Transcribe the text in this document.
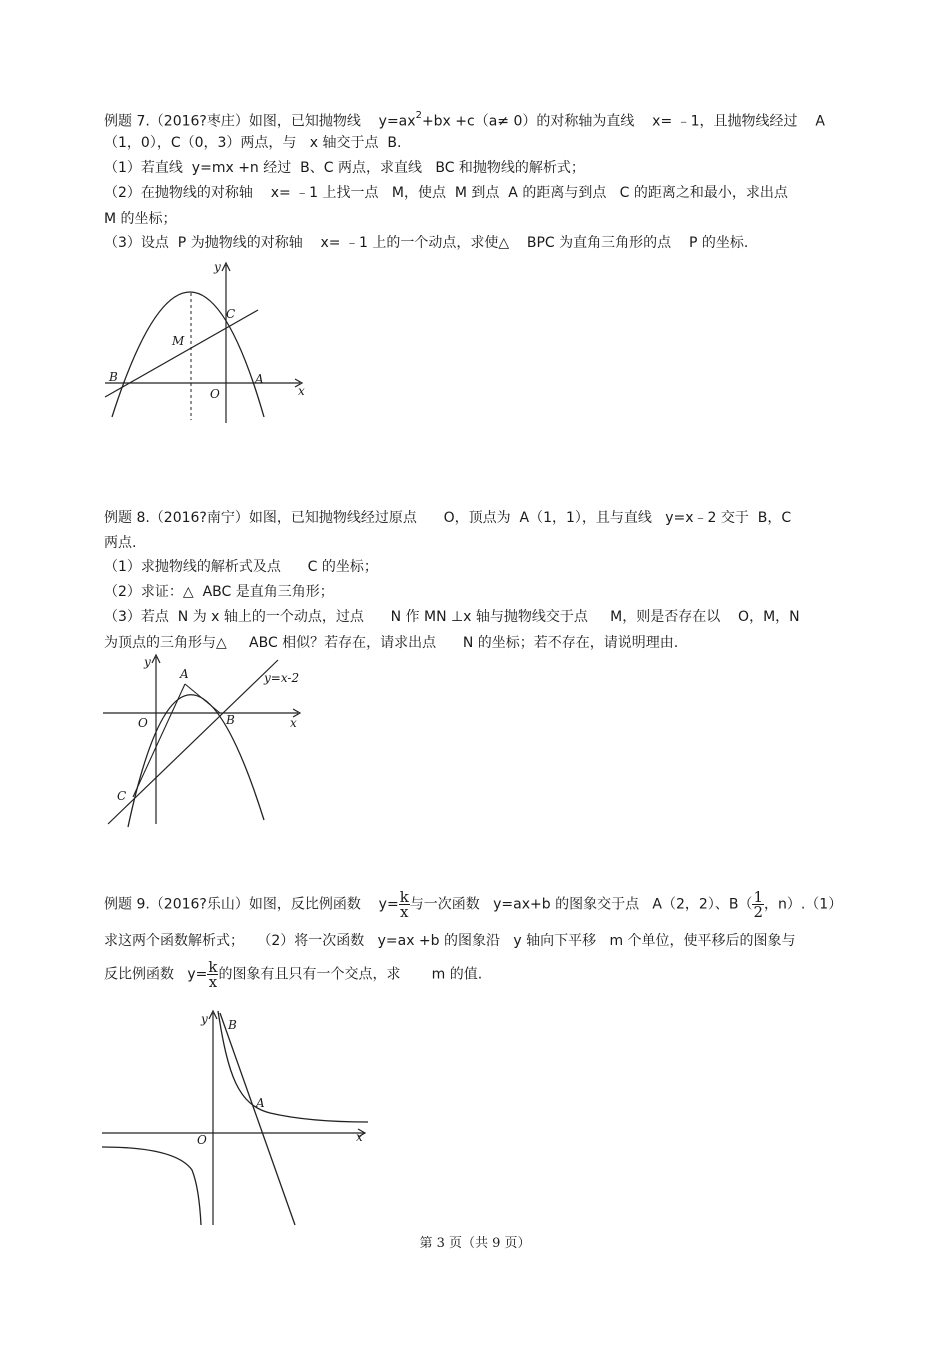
例题 7.（2016?枣庄）如图，已知抛物线    $y=ax^2+bx +c(a\ne 0)$的对称轴为直线    x= ﹣1，且抛物线经过    A
（1，0），C（0，3）两点，与   x 轴交于点  B.
（1）若直线  y=mx +n 经过  B、C 两点，求直线   BC 和抛物线的解析式；
（2）在抛物线的对称轴    x= ﹣1 上找一点   M，使点  M 到点  A 的距离与到点   C 的距离之和最小，求出点
M 的坐标；
（3）设点  P 为抛物线的对称轴    x= ﹣1 上的一个动点，求使△    BPC 为直角三角形的点    P 的坐标.
y
x
C
M
B	A
O
例题 8.（2016?南宁）如图，已知抛物线经过原点      O，顶点为  A（1，1），且与直线   y=x﹣2 交于  B，C
两点.
（1）求抛物线的解析式及点      C 的坐标；
（2）求证：△  ABC 是直角三角形；
（3）若点  N 为 x 轴上的一个动点，过点      N 作 MN ⊥x 轴与抛物线交于点     M，则是否存在以    O，M，N
为顶点的三角形与△     ABC 相似？若存在，请求出点      N 的坐标；若不存在，请说明理由.
y
x
A	y=x-2
O	B
C
例题 9.（2016?乐山）如图，反比例函数    $y= \frac{k}{x}$ 与一次函数   y=ax+b 的图象交于点   A（2，2）、$B( \frac{1}{2}$ ，n）.（1）
求这两个函数解析式；   （2）将一次函数   y=ax +b 的图象沿   y 轴向下平移   m 个单位，使平移后的图象与
反比例函数   $y= \frac{k}{x}$ 的图象有且只有一个交点，求       m 的值.
y B
A
O	x
第 3 页（共 9 页）
